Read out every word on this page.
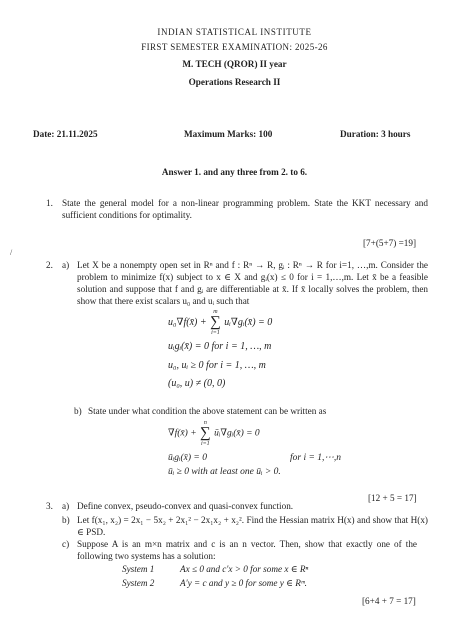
INDIAN STATISTICAL INSTITUTE
FIRST SEMESTER EXAMINATION: 2025-26
M. TECH (QROR) II year
Operations Research II
Date: 21.11.2025	Maximum Marks: 100	Duration: 3 hours
Answer 1. and any three from 2. to 6.
1. State the general model for a non-linear programming problem. State the KKT necessary and sufficient conditions for optimality.
[7+(5+7) =19]
/
2. a) Let X be a nonempty open set in Rⁿ and f : Rⁿ → R, gᵢ : Rⁿ → R for i=1, …,m. Consider the problem to minimize f(x) subject to x ∈ X and gᵢ(x) ≤ 0 for i = 1,…,m. Let x̄ be a feasible solution and suppose that f and gᵢ are differentiable at x̄. If x̄ locally solves the problem, then show that there exist scalars u₀ and uᵢ such that
u₀∇f(x̄) + ∑
m
i=1
uᵢ∇gᵢ(x̄) = 0
uᵢgᵢ(x̄) = 0 for i = 1, …, m
u₀, uᵢ ≥ 0 for i = 1, …, m
(u₀, u) ≠ (0, 0)
b) State under what condition the above statement can be written as
∇f(x̄) + ∑
n
i=1
ūᵢ∇gᵢ(x̄) = 0
ūᵢgᵢ(x̄) = 0	for i = 1,⋯,n
ūᵢ ≥ 0 with at least one ūᵢ > 0.
[12 + 5 = 17]
3. a) Define convex, pseudo-convex and quasi-convex function.
b) Let f(x₁, x₂) = 2x₁ − 5x₂ + 2x₁² − 2x₁x₂ + x₂². Find the Hessian matrix H(x) and show that H(x) ∈ PSD.
c) Suppose A is an m×n matrix and c is an n vector. Then, show that exactly one of the following two systems has a solution:
System 1	Ax ≤ 0 and c′x > 0 for some x ∈ Rⁿ
System 2	A′y = c and y ≥ 0 for some y ∈ Rᵐ.
[6+4 + 7 = 17]
